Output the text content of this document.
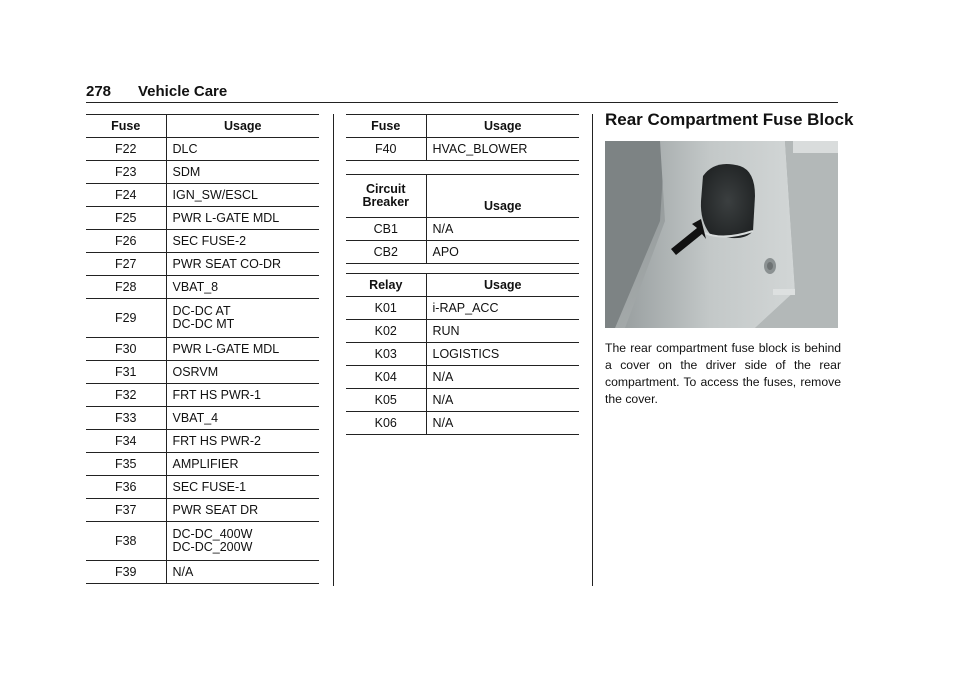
278 Vehicle Care
Fuse	Usage
F22	DLC

F23	SDM

F24	IGN_SW/ESCL

F25	PWR L-GATE MDL

F26	SEC FUSE-2

F27	PWR SEAT CO-DR

F28	VBAT_8

F29	DC-DC AT
DC-DC MT

F30	PWR L-GATE MDL

F31	OSRVM

F32	FRT HS PWR-1

F33	VBAT_4

F34	FRT HS PWR-2

F35	AMPLIFIER

F36	SEC FUSE-1

F37	PWR SEAT DR

F38	DC-DC_400W
DC-DC_200W

F39	N/A
Fuse	Usage
F40	HVAC_BLOWER
Circuit
Breaker	Usage
CB1	N/A

CB2	APO
Relay	Usage
K01	i-RAP_ACC

K02	RUN

K03	LOGISTICS

K04	N/A

K05	N/A

K06	N/A
Rear Compartment Fuse Block
The rear compartment fuse block is behind a cover on the driver side of the rear compartment. To access the fuses, remove the cover.
